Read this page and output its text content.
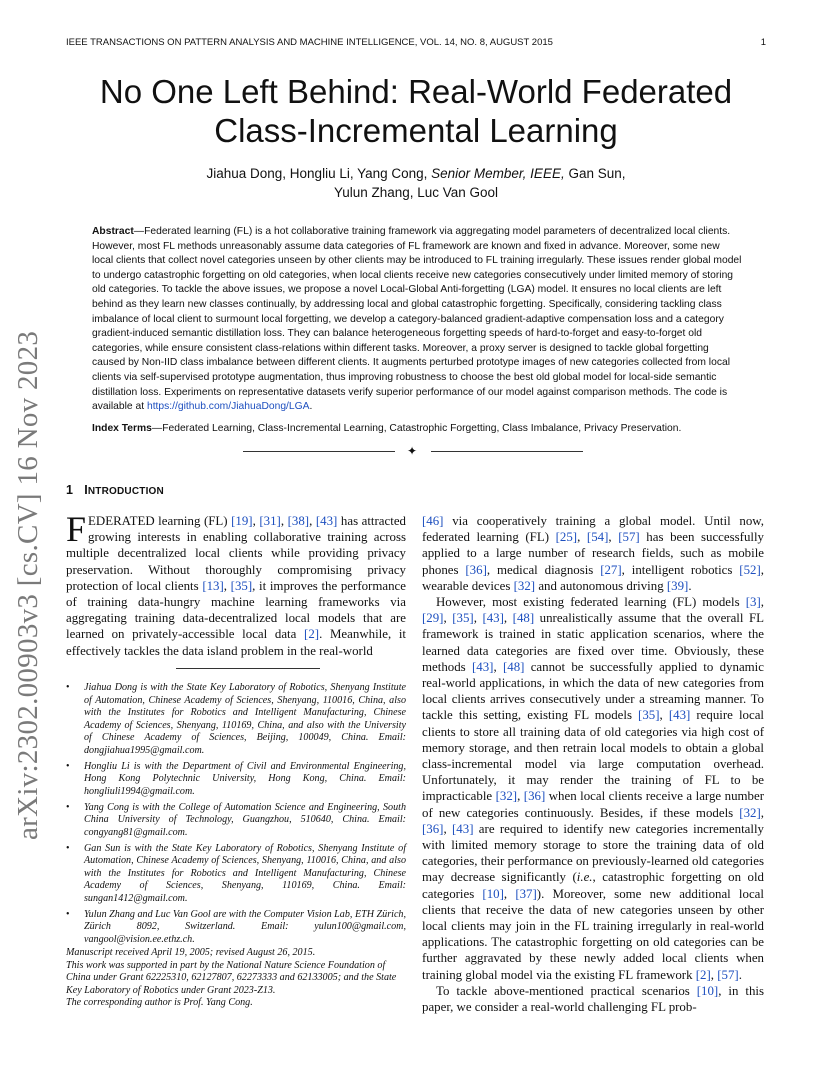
IEEE TRANSACTIONS ON PATTERN ANALYSIS AND MACHINE INTELLIGENCE, VOL. 14, NO. 8, AUGUST 2015	1
arXiv:2302.00903v3 [cs.CV] 16 Nov 2023
No One Left Behind: Real-World Federated
Class-Incremental Learning
Jiahua Dong, Hongliu Li, Yang Cong, Senior Member, IEEE, Gan Sun,
Yulun Zhang, Luc Van Gool
Abstract—Federated learning (FL) is a hot collaborative training framework via aggregating model parameters of decentralized local clients. However, most FL methods unreasonably assume data categories of FL framework are known and fixed in advance. Moreover, some new local clients that collect novel categories unseen by other clients may be introduced to FL training irregularly. These issues render global model to undergo catastrophic forgetting on old categories, when local clients receive new categories consecutively under limited memory of storing old categories. To tackle the above issues, we propose a novel Local-Global Anti-forgetting (LGA) model. It ensures no local clients are left behind as they learn new classes continually, by addressing local and global catastrophic forgetting. Specifically, considering tackling class imbalance of local client to surmount local forgetting, we develop a category-balanced gradient-adaptive compensation loss and a category gradient-induced semantic distillation loss. They can balance heterogeneous forgetting speeds of hard-to-forget and easy-to-forget old categories, while ensure consistent class-relations within different tasks. Moreover, a proxy server is designed to tackle global forgetting caused by Non-IID class imbalance between different clients. It augments perturbed prototype images of new categories collected from local clients via self-supervised prototype augmentation, thus improving robustness to choose the best old global model for local-side semantic distillation loss. Experiments on representative datasets verify superior performance of our model against comparison methods. The code is available at https://github.com/JiahuaDong/LGA.
Index Terms—Federated Learning, Class-Incremental Learning, Catastrophic Forgetting, Class Imbalance, Privacy Preservation.
✦
1 INTRODUCTION

FEDERATED learning (FL) [19], [31], [38], [43] has attracted growing interests in enabling collaborative training across multiple decentralized local clients while providing privacy preservation. Without thoroughly compromising privacy protection of local clients [13], [35], it improves the performance of training data-hungry machine learning frameworks via aggregating training data-decentralized local models that are learned on privately-accessible local data [2]. Meanwhile, it effectively tackles the data island problem in the real-world

• Jiahua Dong is with the State Key Laboratory of Robotics, Shenyang Institute of Automation, Chinese Academy of Sciences, Shenyang, 110016, China, also with the Institutes for Robotics and Intelligent Manufacturing, Chinese Academy of Sciences, Shenyang, 110169, China, and also with the University of Chinese Academy of Sciences, Beijing, 100049, China. Email: dongjiahua1995@gmail.com.
• Hongliu Li is with the Department of Civil and Environmental Engineering, Hong Kong Polytechnic University, Hong Kong, China. Email: hongliuli1994@gmail.com.
• Yang Cong is with the College of Automation Science and Engineering, South China University of Technology, Guangzhou, 510640, China. Email: congyang81@gmail.com.
• Gan Sun is with the State Key Laboratory of Robotics, Shenyang Institute of Automation, Chinese Academy of Sciences, Shenyang, 110016, China, and also with the Institutes for Robotics and Intelligent Manufacturing, Chinese Academy of Sciences, Shenyang, 110169, China. Email: sungan1412@gmail.com.
• Yulun Zhang and Luc Van Gool are with the Computer Vision Lab, ETH Zürich, Zürich 8092, Switzerland. Email: yulun100@gmail.com, vangool@vision.ee.ethz.ch.
Manuscript received April 19, 2005; revised August 26, 2015.
This work was supported in part by the National Nature Science Foundation of China under Grant 62225310, 62127807, 62273333 and 62133005; and the State Key Laboratory of Robotics under Grant 2023-Z13.
The corresponding author is Prof. Yang Cong.

[46] via cooperatively training a global model. Until now, federated learning (FL) [25], [54], [57] has been successfully applied to a large number of research fields, such as mobile phones [36], medical diagnosis [27], intelligent robotics [52], wearable devices [32] and autonomous driving [39].

However, most existing federated learning (FL) models [3], [29], [35], [43], [48] unrealistically assume that the overall FL framework is trained in static application scenarios, where the learned data categories are fixed over time. Obviously, these methods [43], [48] cannot be successfully applied to dynamic real-world applications, in which the data of new categories from local clients arrives consecutively under a streaming manner. To tackle this setting, existing FL models [35], [43] require local clients to store all training data of old categories via high cost of memory storage, and then retrain local models to obtain a global class-incremental model via large computation overhead. Unfortunately, it may render the training of FL to be impracticable [32], [36] when local clients receive a large number of new categories continuously. Besides, if these models [32],[36], [43] are required to identify new categories incrementally with limited memory storage to store the training data of old categories, their performance on previously-learned old categories may decrease significantly (i.e., catastrophic forgetting on old categories [10], [37]). Moreover, some new additional local clients that receive the data of new categories unseen by other local clients may join in the FL training irregularly in real-world applications. The catastrophic forgetting on old categories can be further aggravated by these newly added local clients when training global model via the existing FL framework [2], [57].

To tackle above-mentioned practical scenarios [10], in this paper, we consider a real-world challenging FL prob-
